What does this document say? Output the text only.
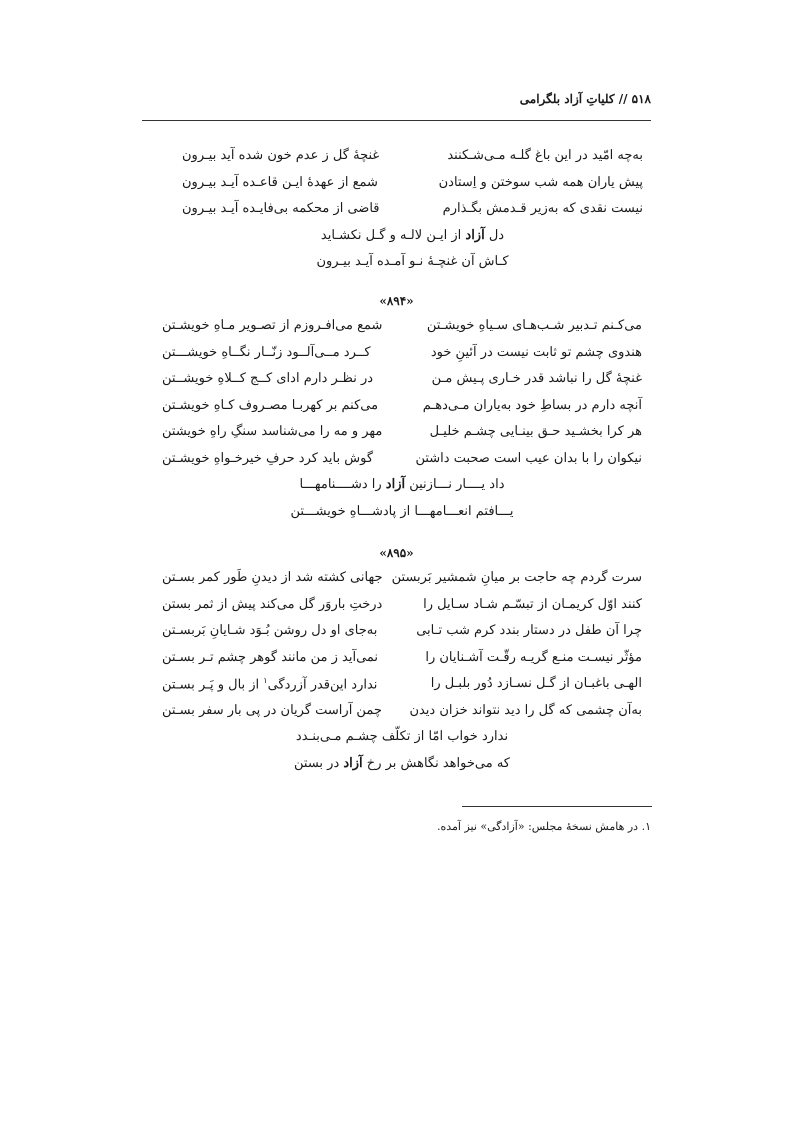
۵۱۸ // کلیاتِ آزاد بلگرامی
به‌چه امّید در این باغ گلـه مـی‌شـکنند
غنچهٔ گل ز عدم خون شده آید بیـرون
پیش یاران همه شب سوختن و اِستادن
شمع از عهدهٔ ایـن قاعـده آیـد بیـرون
نیست نقدی که به‌زیر قـدمش بگـذارم
قاضی از محکمه بی‌فایـده آیـد بیـرون
دل آزاد از ایـن لالـه و گـل نکشـاید
کـاش آن غنچـهٔ نـو آمـده آیـد بیـرون
«۸۹۴»
می‌کـنم تـدبیر شـب‌هـای سـیاهِ خویشـتن
شمع می‌افـروزم از تصـویر مـاهِ خویشـتن
هندوی چشم تو ثابت نیست در آئینِ خود
کــرد مــی‌آلــود زنّــار نگــاهِ خویشـــتن
غنچهٔ گل را نباشد قدر خـاری پـیش مـن
در نظـر دارم ادای کــج کــلاهِ خویشــتن
آنچه دارم در بساطِ خود به‌یاران مـی‌دهـم
می‌کنم بر کهربـا مصـروف کـاهِ خویشـتن
هر کرا بخشـید حـق بینـایی چشـم خلیـل
مهر و مه را می‌شناسد سنگِ راهِ خویشتن
نیکوان را با بدان عیب است صحبت داشتن
گوش باید کرد حرفِ خیرخـواهِ خویشـتن
داد یــــار نـــازنین آزاد را دشــــنامهـــا
یـــافتم انعـــامهـــا از پادشـــاهِ خویشـــتن
«۸۹۵»
سرت گردم چه حاجت بر میانِ شمشیر بَربستن
جهانی کشته شد از دیدنِ طَور کمر بسـتن
کنند اوّل کریمـان از تبسّـم شـاد سـایل را
درختِ باروَر گل می‌کند پیش از ثمر بستن
چرا آن طفل در دستار بندد کرم شب تـابی
به‌جای او دل روشن بُـوَد شـایانِ بَربسـتن
مؤثّر نیسـت منـع گریـه رقّـت آشـنایان را
نمی‌آید ز من مانند گوهر چشم تـر بسـتن
الهـی باغبـان از گـل نسـازد دُور بلبـل را
ندارد این‌قدر آزردگی$^۱$ از بال و پَـر بسـتن
به‌آن چشمی که گل را دید نتواند خزان دیدن
چمن آراست گریان در پی بار سفر بسـتن
ندارد خواب امّا از تکلّف چشـم مـی‌بنـدد
که می‌خواهد نگاهش بر رخ آزاد در بستن
۱. در هامش نسخهٔ مجلس: «آزادگی» نیز آمده.
